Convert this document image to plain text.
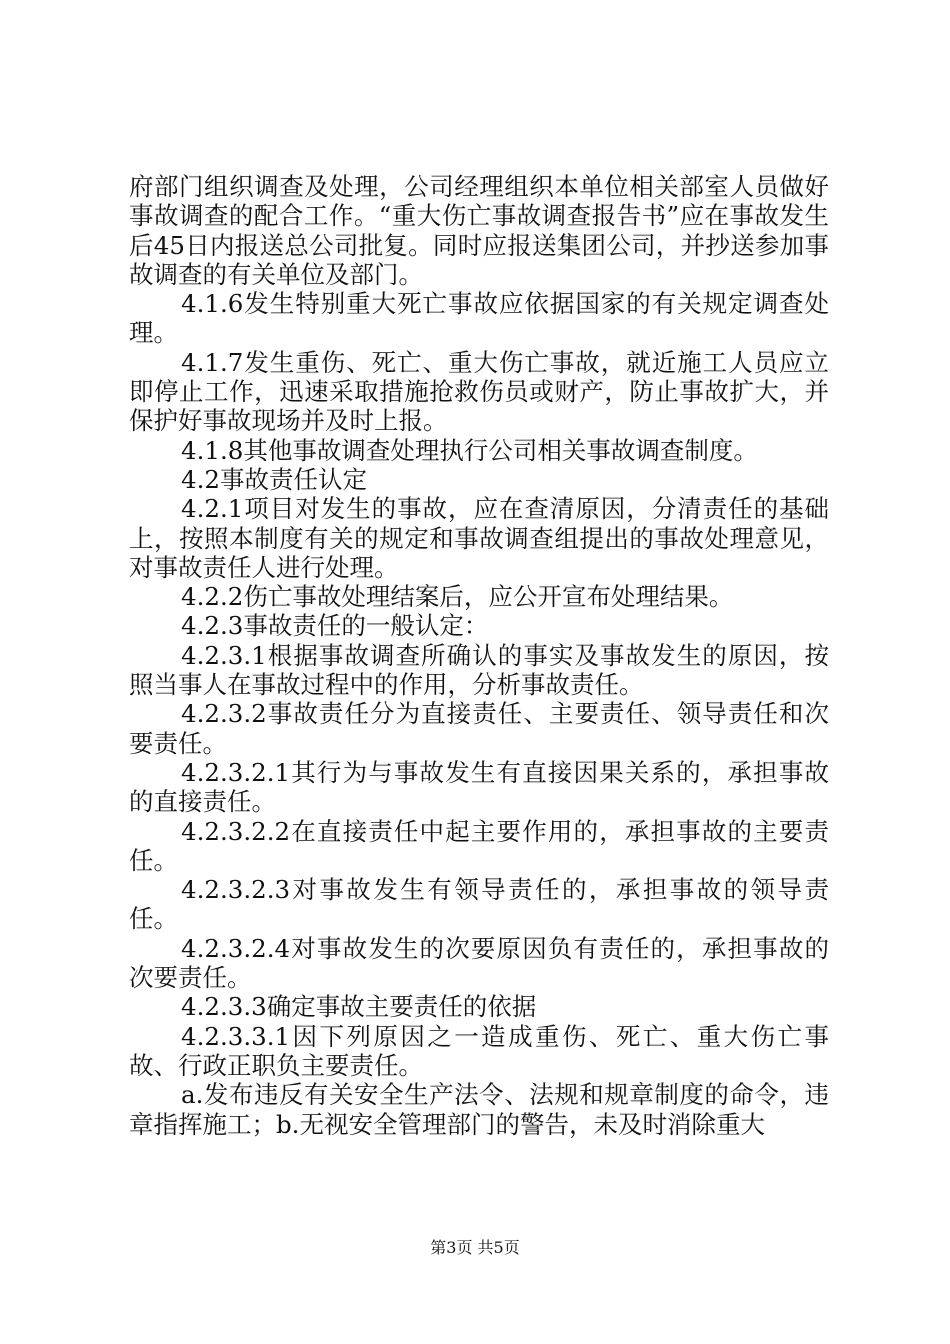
府部门组织调查及处理，公司经理组织本单位相关部室人员做好事故调查的配合工作。“重大伤亡事故调查报告书”应在事故发生后45日内报送总公司批复。同时应报送集团公司，并抄送参加事故调查的有关单位及部门。

4.1.6发生特别重大死亡事故应依据国家的有关规定调查处理。

4.1.7发生重伤、死亡、重大伤亡事故，就近施工人员应立即停止工作，迅速采取措施抢救伤员或财产，防止事故扩大，并保护好事故现场并及时上报。

4.1.8其他事故调查处理执行公司相关事故调查制度。

4.2事故责任认定

4.2.1项目对发生的事故，应在查清原因，分清责任的基础上，按照本制度有关的规定和事故调查组提出的事故处理意见，对事故责任人进行处理。

4.2.2伤亡事故处理结案后，应公开宣布处理结果。

4.2.3事故责任的一般认定：

4.2.3.1根据事故调查所确认的事实及事故发生的原因，按照当事人在事故过程中的作用，分析事故责任。

4.2.3.2事故责任分为直接责任、主要责任、领导责任和次要责任。

4.2.3.2.1其行为与事故发生有直接因果关系的，承担事故的直接责任。

4.2.3.2.2在直接责任中起主要作用的，承担事故的主要责任。

4.2.3.2.3对事故发生有领导责任的，承担事故的领导责任。

4.2.3.2.4对事故发生的次要原因负有责任的，承担事故的次要责任。

4.2.3.3确定事故主要责任的依据

4.2.3.3.1因下列原因之一造成重伤、死亡、重大伤亡事故、行政正职负主要责任。

a.发布违反有关安全生产法令、法规和规章制度的命令，违章指挥施工；b.无视安全管理部门的警告，未及时消除重大

第3页 共5页
